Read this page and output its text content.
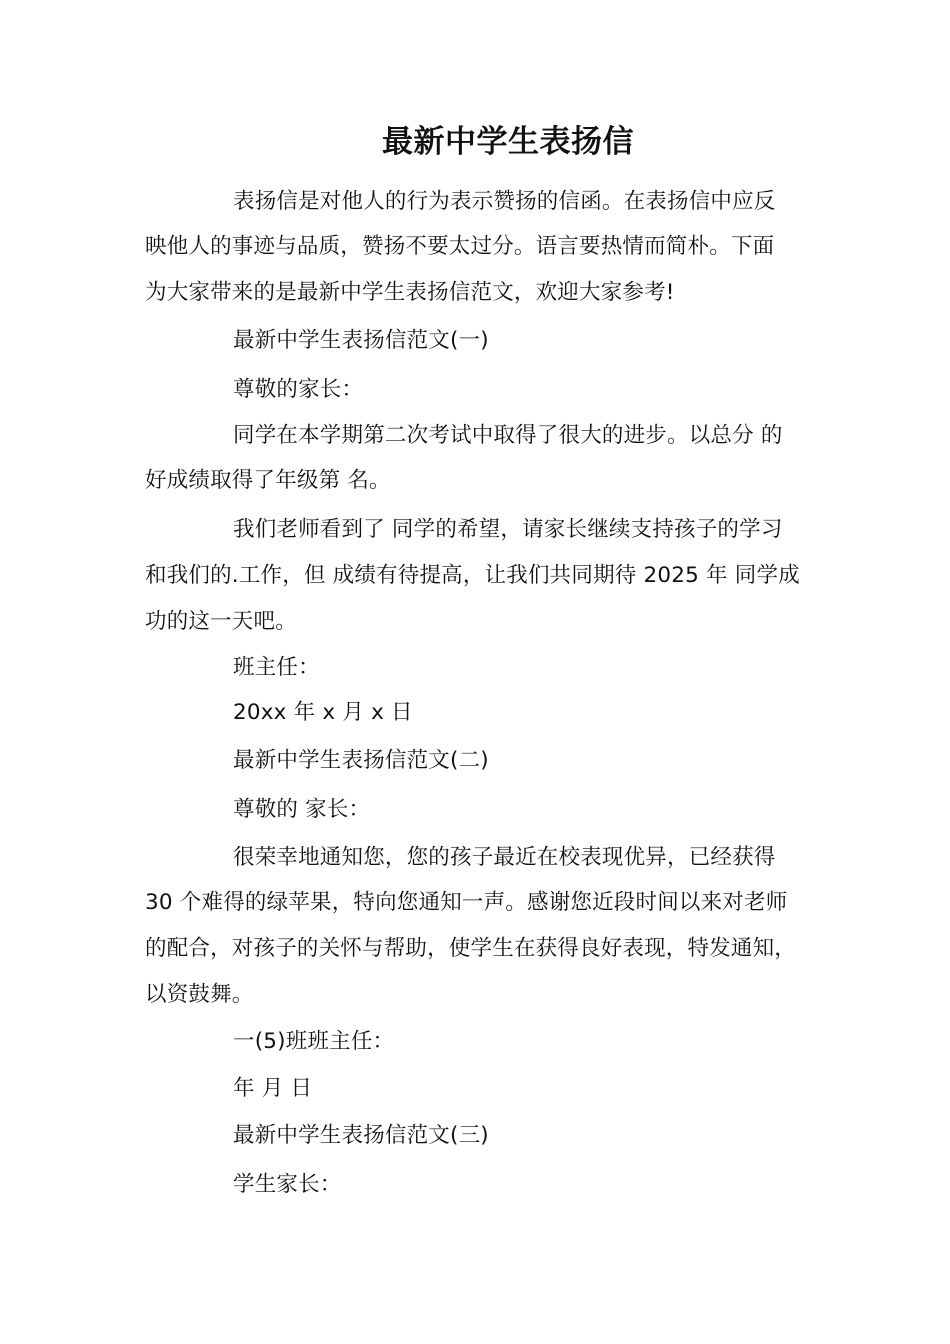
最新中学生表扬信
表扬信是对他人的行为表示赞扬的信函。在表扬信中应反
映他人的事迹与品质，赞扬不要太过分。语言要热情而简朴。下面
为大家带来的是最新中学生表扬信范文，欢迎大家参考!
最新中学生表扬信范文(一)
尊敬的家长：
同学在本学期第二次考试中取得了很大的进步。以总分 的
好成绩取得了年级第 名。
我们老师看到了 同学的希望，请家长继续支持孩子的学习
和我们的.工作，但 成绩有待提高，让我们共同期待 2025 年 同学成
功的这一天吧。
班主任：
20xx 年 x 月 x 日
最新中学生表扬信范文(二)
尊敬的 家长：
很荣幸地通知您，您的孩子最近在校表现优异，已经获得
30 个难得的绿苹果，特向您通知一声。感谢您近段时间以来对老师
的配合，对孩子的关怀与帮助，使学生在获得良好表现，特发通知，
以资鼓舞。
一(5)班班主任：
年 月 日
最新中学生表扬信范文(三)
学生家长：
